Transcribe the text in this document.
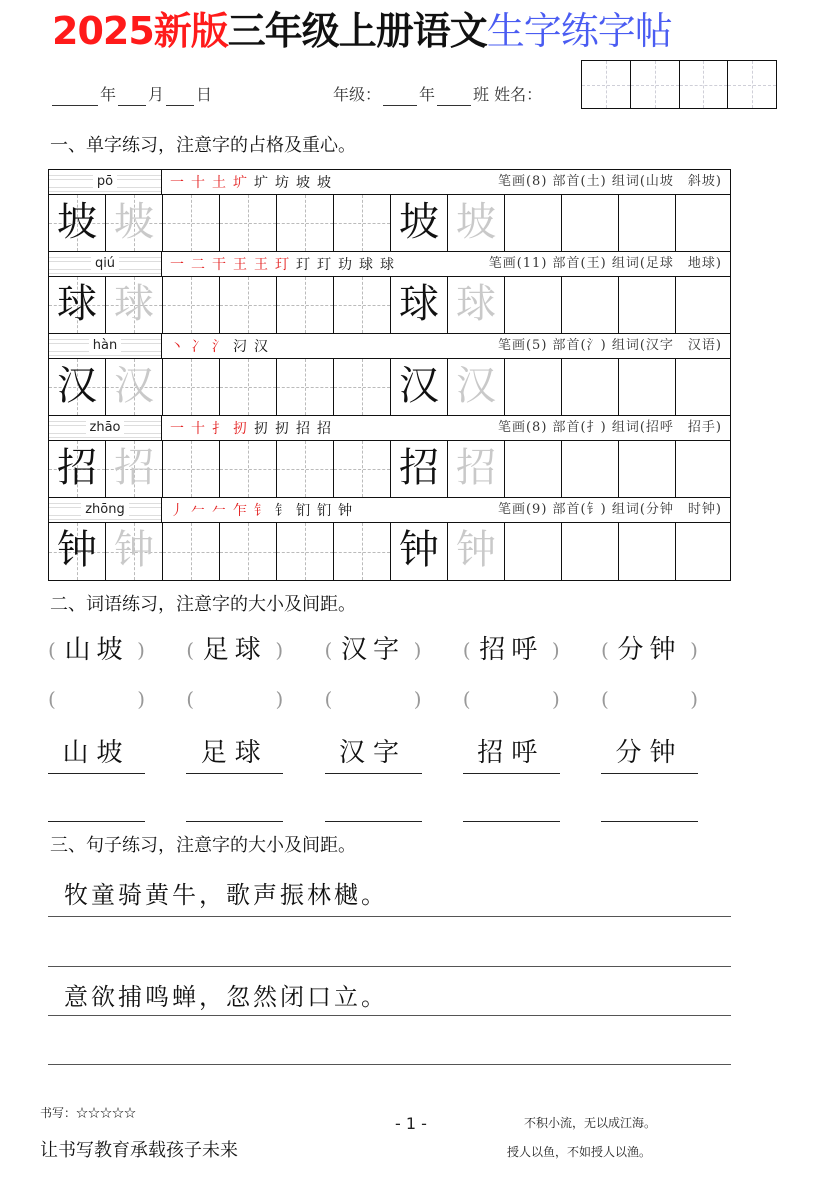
2025新版三年级上册语文生字练字帖
年 月 日	年级： 年 班 姓名：
一、单字练习，注意字的占格及重心。
pō	一 十 土 圹 圹 坊 坡 坡	笔画(8) 部首(土) 组词(山坡　斜坡)
坡 坡	坡 坡
qiú	一 二 干 王 王 玎 玎 玎 玏 球 球	笔画(11) 部首(王) 组词(足球　地球)
球 球	球 球
hàn	丶 冫 氵 汈 汉	笔画(5) 部首(氵) 组词(汉字　汉语)
汉 汉	汉 汉
zhāo	一 十 扌 扨 扨 扨 招 招	笔画(8) 部首(扌) 组词(招呼　招手)
招 招	招 招
zhōng	丿 𠂉 𠂉 乍 钅 钅 钔 钔 钟	笔画(9) 部首(钅) 组词(分钟　时钟)
钟 钟	钟 钟
二、词语练习，注意字的大小及间距。
( 山坡 ) ( 足球 ) ( 汉字 ) ( 招呼 ) ( 分钟 )
(	) (	) (	) (	) (	)
山坡	足球	汉字	招呼	分钟
三、句子练习，注意字的大小及间距。
牧童骑黄牛，歌声振林樾。
意欲捕鸣蝉，忽然闭口立。
书写：☆☆☆☆☆
让书写教育承载孩子未来
- 1 -	不积小流，无以成江海。
授人以鱼，不如授人以渔。
